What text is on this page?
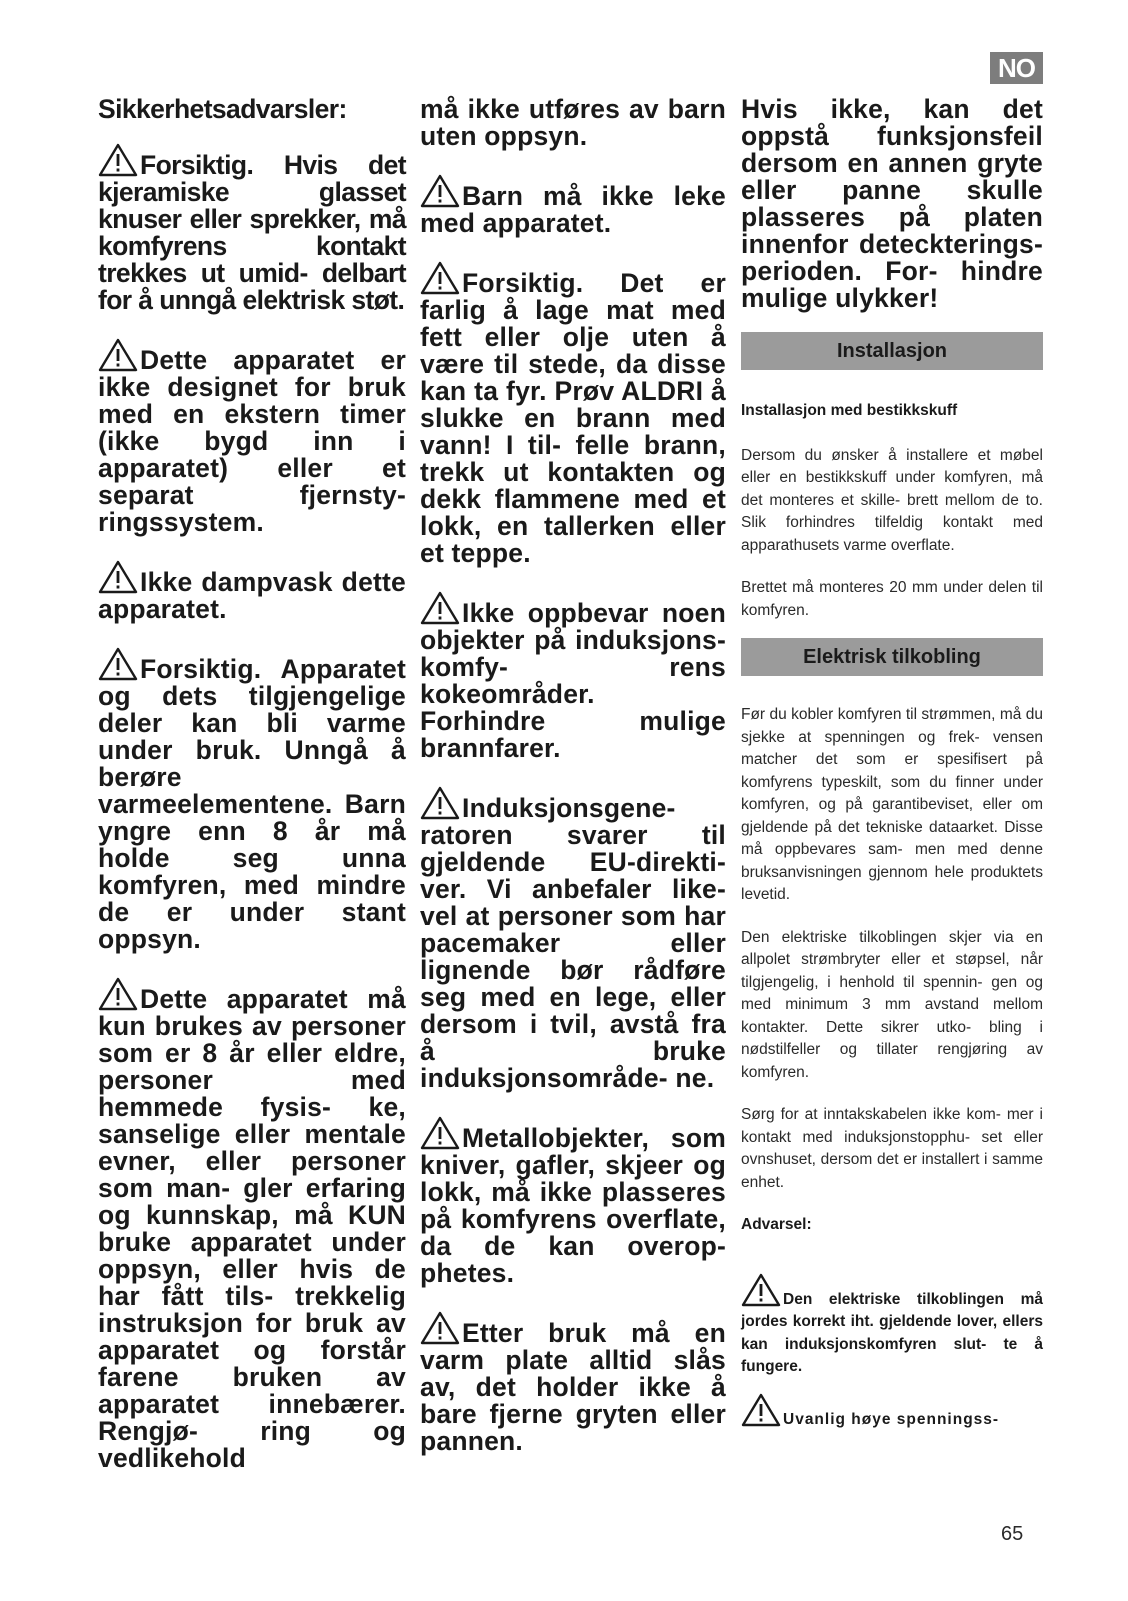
NO
Sikkerhetsadvarsler:
Forsiktig. Hvis det kjeramiske glasset knuser eller sprekker, må komfyrens kontakt trekkes ut umid- delbart for å unngå elektrisk støt.
Dette apparatet er ikke designet for bruk med en ekstern timer (ikke bygd inn i apparatet) eller et separat fjernsty- ringssystem.
Ikke dampvask dette apparatet.
Forsiktig. Apparatet og dets tilgjengelige deler kan bli varme under bruk. Unngå å berøre varmeelementene. Barn yngre enn 8 år må holde seg unna komfyren, med mindre de er under stant oppsyn.
Dette apparatet må kun brukes av personer som er 8 år eller eldre, personer med hemmede fysis- ke, sanselige eller mentale evner, eller personer som man- gler erfaring og kunnskap, må KUN bruke apparatet under oppsyn, eller hvis de har fått tils- trekkelig instruksjon for bruk av apparatet og forstår farene bruken av apparatet innebærer. Rengjø- ring og vedlikehold
må ikke utføres av barn uten oppsyn.
Barn må ikke leke med apparatet.
Forsiktig. Det er farlig å lage mat med fett eller olje uten å være til stede, da disse kan ta fyr. Prøv ALDRI å slukke en brann med vann! I til- felle brann, trekk ut kontakten og dekk flammene med et lokk, en tallerken eller et teppe.
Ikke oppbevar noen objekter på induksjons-komfy- rens kokeområder. Forhindre mulige brannfarer.
Induksjonsgene- ratoren svarer til gjeldende EU-direkti- ver. Vi anbefaler like- vel at personer som har pacemaker eller lignende bør rådføre seg med en lege, eller dersom i tvil, avstå fra å bruke induksjonsområde- ne.
Metallobjekter, som kniver, gafler, skjeer og lokk, må ikke plasseres på komfyrens overflate, da de kan overop- phetes.
Etter bruk må en varm plate alltid slås av, det holder ikke å bare fjerne gryten eller pannen.
Hvis ikke, kan det oppstå funksjonsfeil dersom en annen gryte eller panne skulle plasseres på platen innenfor deteckterings- perioden. For- hindre mulige ulykker!
Installasjon
Installasjon med bestikkskuff
Dersom du ønsker å installere et møbel eller en bestikkskuff under komfyren, må det monteres et skille- brett mellom de to. Slik forhindres tilfeldig kontakt med apparathusets varme overflate.
Brettet må monteres 20 mm under delen til komfyren.
Elektrisk tilkobling
Før du kobler komfyren til strømmen, må du sjekke at spenningen og frek- vensen matcher det som er spesifisert på komfyrens typeskilt, som du finner under komfyren, og på garantibeviset, eller om gjeldende på det tekniske dataarket. Disse må oppbevares sam- men med denne bruksanvisningen gjennom hele produktets levetid.
Den elektriske tilkoblingen skjer via en allpolet strømbryter eller et støpsel, når tilgjengelig, i henhold til spennin- gen og med minimum 3 mm avstand mellom kontakter. Dette sikrer utko- bling i nødstilfeller og tillater rengjøring av komfyren.
Sørg for at inntakskabelen ikke kom- mer i kontakt med induksjonstopphu- set eller ovnshuset, dersom det er installert i samme enhet.
Advarsel:
Den elektriske tilkoblingen må jordes korrekt iht. gjeldende lover, ellers kan induksjonskomfyren slut- te å fungere.
Uvanlig høye spenningss-
65
